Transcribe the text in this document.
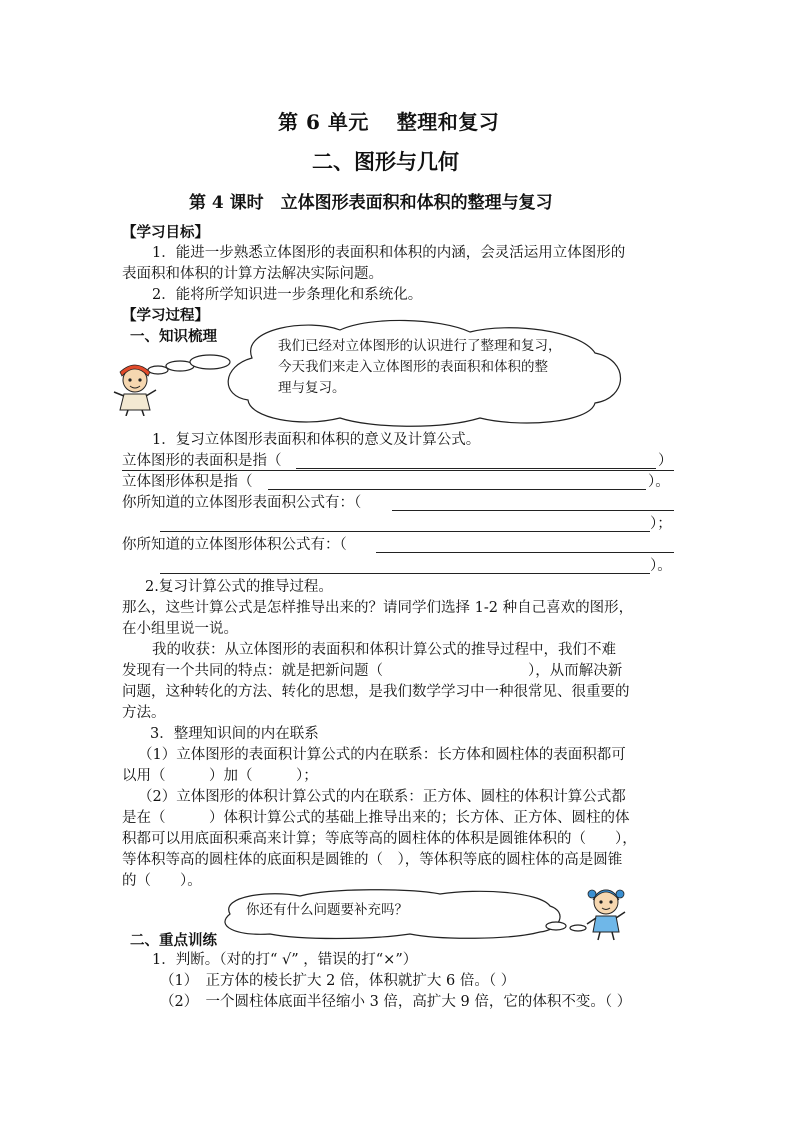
第 6 单元　 整理和复习
二、图形与几何
第 4 课时　立体图形表面积和体积的整理与复习
【学习目标】
1．能进一步熟悉立体图形的表面积和体积的内涵，会灵活运用立体图形的
表面积和体积的计算方法解决实际问题。
2．能将所学知识进一步条理化和系统化。
【学习过程】
一、知识梳理
我们已经对立体图形的认识进行了整理和复习，
今天我们来走入立体图形的表面积和体积的整
理与复习。
1．复习立体图形表面积和体积的意义及计算公式。
立体图形的表面积是指（	）
立体图形体积是指（	）。
你所知道的立体图形表面积公式有：（
）；
你所知道的立体图形体积公式有：（
）。
2.复习计算公式的推导过程。
那么，这些计算公式是怎样推导出来的？请同学们选择 1-2 种自己喜欢的图形，
在小组里说一说。
我的收获：从立体图形的表面积和体积计算公式的推导过程中，我们不难
发现有一个共同的特点：就是把新问题（　　　　　　　　　　），从而解决新
问题，这种转化的方法、转化的思想，是我们数学学习中一种很常见、很重要的
方法。
3．整理知识间的内在联系
（1）立体图形的表面积计算公式的内在联系：长方体和圆柱体的表面积都可
以用（　　　）加（　　　）；
（2）立体图形的体积计算公式的内在联系：正方体、圆柱的体积计算公式都
是在（　　　）体积计算公式的基础上推导出来的；长方体、正方体、圆柱的体
积都可以用底面积乘高来计算；等底等高的圆柱体的体积是圆锥体积的（　　），
等体积等高的圆柱体的底面积是圆锥的（　），等体积等底的圆柱体的高是圆锥
的（　　）。
你还有什么问题要补充吗？
二、重点训练
1．判断。（对的打“ √” ，错误的打“×”）
（1）　正方体的棱长扩大 2 倍，体积就扩大 6 倍。（ ）
（2）　一个圆柱体底面半径缩小 3 倍，高扩大 9 倍，它的体积不变。（ ）
